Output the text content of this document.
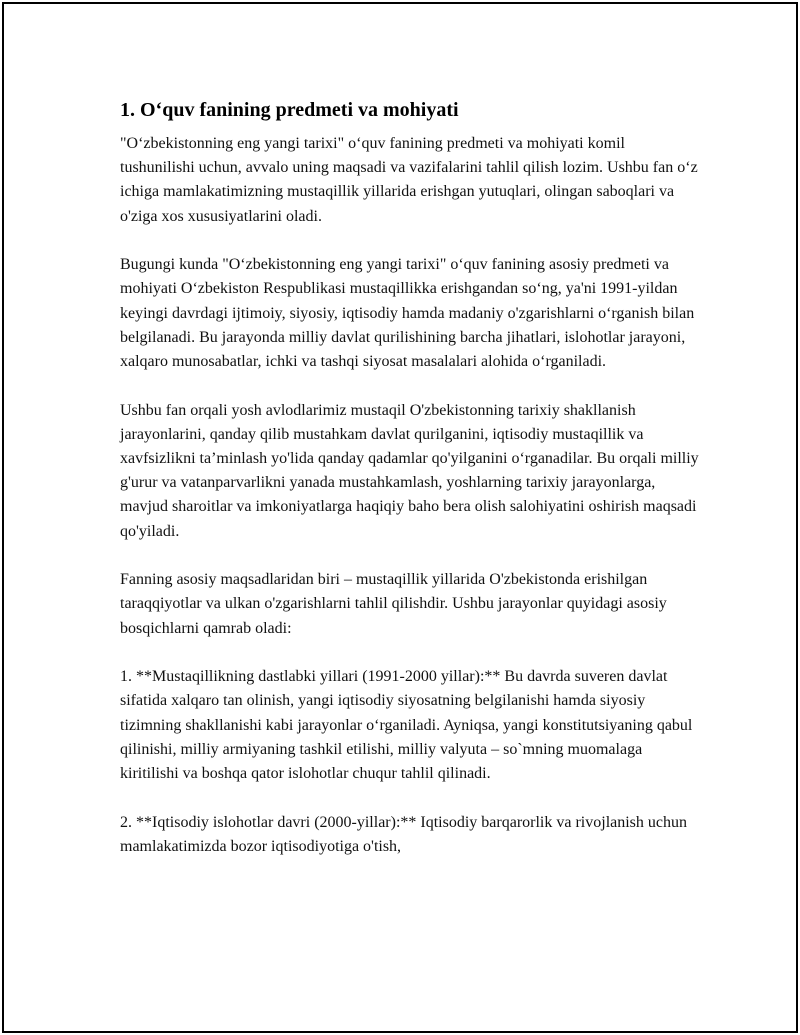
1. Oʻquv fanining predmeti va mohiyati

"Oʻzbekistonning eng yangi tarixi" oʻquv fanining predmeti va mohiyati komil tushunilishi uchun, avvalo uning maqsadi va vazifalarini tahlil qilish lozim. Ushbu fan oʻz ichiga mamlakatimizning mustaqillik yillarida erishgan yutuqlari, olingan saboqlari va o'ziga xos xususiyatlarini oladi.

Bugungi kunda "Oʻzbekistonning eng yangi tarixi" oʻquv fanining asosiy predmeti va mohiyati Oʻzbekiston Respublikasi mustaqillikka erishgandan soʻng, ya'ni 1991-yildan keyingi davrdagi ijtimoiy, siyosiy, iqtisodiy hamda madaniy o'zgarishlarni oʻrganish bilan belgilanadi. Bu jarayonda milliy davlat qurilishining barcha jihatlari, islohotlar jarayoni, xalqaro munosabatlar, ichki va tashqi siyosat masalalari alohida oʻrganiladi.

Ushbu fan orqali yosh avlodlarimiz mustaqil O'zbekistonning tarixiy shakllanish jarayonlarini, qanday qilib mustahkam davlat qurilganini, iqtisodiy mustaqillik va xavfsizlikni taʼminlash yo'lida qanday qadamlar qo'yilganini oʻrganadilar. Bu orqali milliy g'urur va vatanparvarlikni yanada mustahkamlash, yoshlarning tarixiy jarayonlarga, mavjud sharoitlar va imkoniyatlarga haqiqiy baho bera olish salohiyatini oshirish maqsadi qo'yiladi.

Fanning asosiy maqsadlaridan biri – mustaqillik yillarida O'zbekistonda erishilgan taraqqiyotlar va ulkan o'zgarishlarni tahlil qilishdir. Ushbu jarayonlar quyidagi asosiy bosqichlarni qamrab oladi:

1. **Mustaqillikning dastlabki yillari (1991-2000 yillar):** Bu davrda suveren davlat sifatida xalqaro tan olinish, yangi iqtisodiy siyosatning belgilanishi hamda siyosiy tizimning shakllanishi kabi jarayonlar oʻrganiladi. Ayniqsa, yangi konstitutsiyaning qabul qilinishi, milliy armiyaning tashkil etilishi, milliy valyuta – so`mning muomalaga kiritilishi va boshqa qator islohotlar chuqur tahlil qilinadi.

2. **Iqtisodiy islohotlar davri (2000-yillar):** Iqtisodiy barqarorlik va rivojlanish uchun mamlakatimizda bozor iqtisodiyotiga o'tish,
